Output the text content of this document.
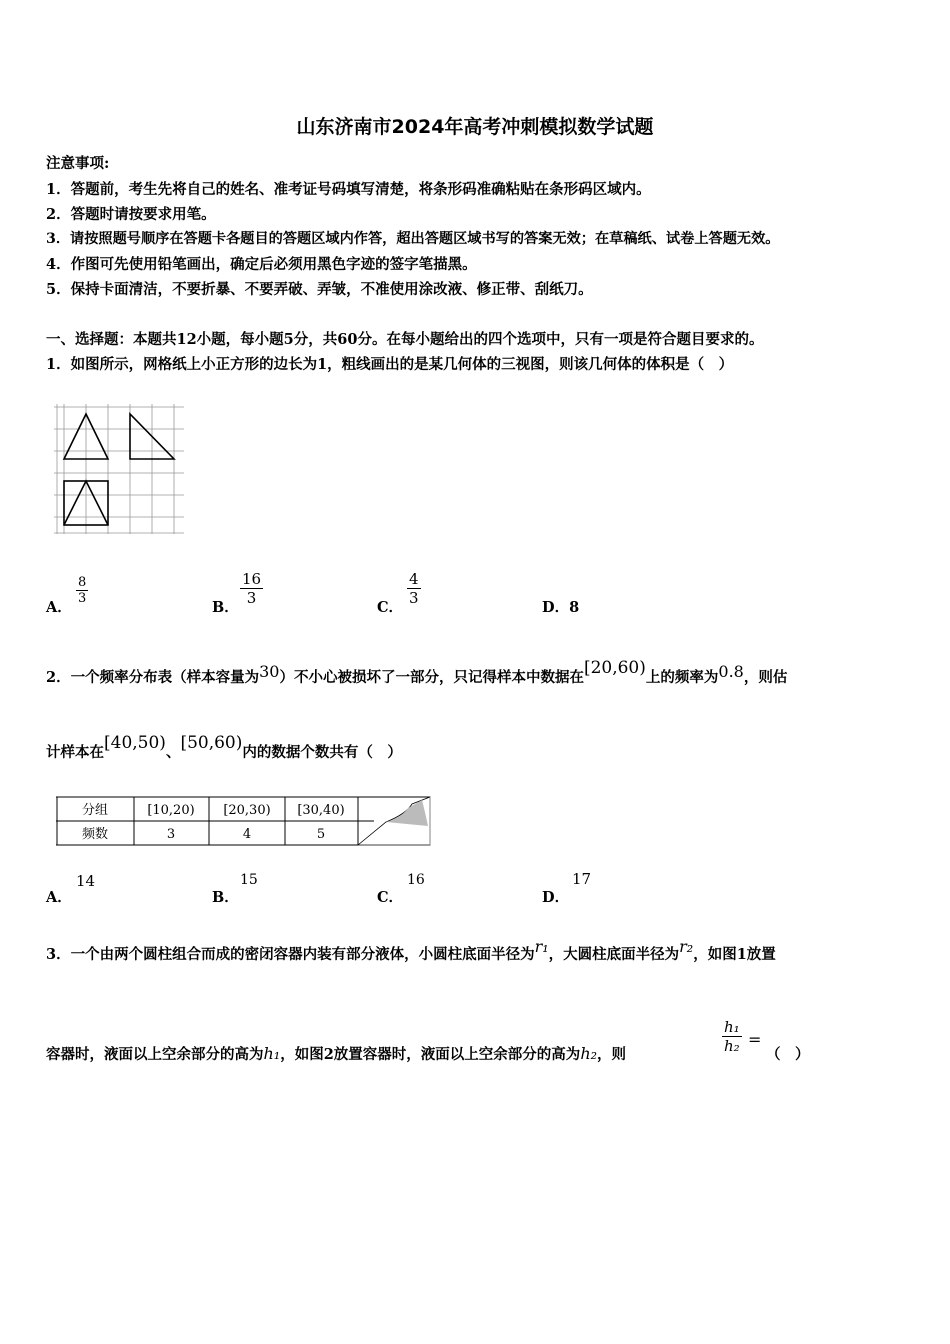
山东济南市2024年高考冲刺模拟数学试题
注意事项:
1．答题前，考生先将自己的姓名、准考证号码填写清楚，将条形码准确粘贴在条形码区域内。
2．答题时请按要求用笔。
3．请按照题号顺序在答题卡各题目的答题区域内作答，超出答题区域书写的答案无效；在草稿纸、试卷上答题无效。
4．作图可先使用铅笔画出，确定后必须用黑色字迹的签字笔描黑。
5．保持卡面清洁，不要折暴、不要弄破、弄皱，不准使用涂改液、修正带、刮纸刀。
一、选择题：本题共12小题，每小题5分，共60分。在每小题给出的四个选项中，只有一项是符合题目要求的。
1．如图所示，网格纸上小正方形的边长为1，粗线画出的是某几何体的三视图，则该几何体的体积是（　）
A．
$\frac{8}{3}$
B．
$\frac{16}{3}$
C．
$\frac{4}{3}$
D．8
2．一个频率分布表（样本容量为30）不小心被损坏了一部分，只记得样本中数据在[20,60)上的频率为0.8，则估
计样本在[40,50)、[50,60)内的数据个数共有（　）
分组	[10,20) [20,30) [30,40)
频数	3	4	5
A．
14
B．
15
C．
16
D．
17
3．一个由两个圆柱组合而成的密闭容器内装有部分液体，小圆柱底面半径为r₁，大圆柱底面半径为r₂，如图1放置
容器时，液面以上空余部分的高为h₁，如图2放置容器时，液面以上空余部分的高为h₂，则	$\frac{\text{h₁}}{\text{h₂}}$ =
（　）
